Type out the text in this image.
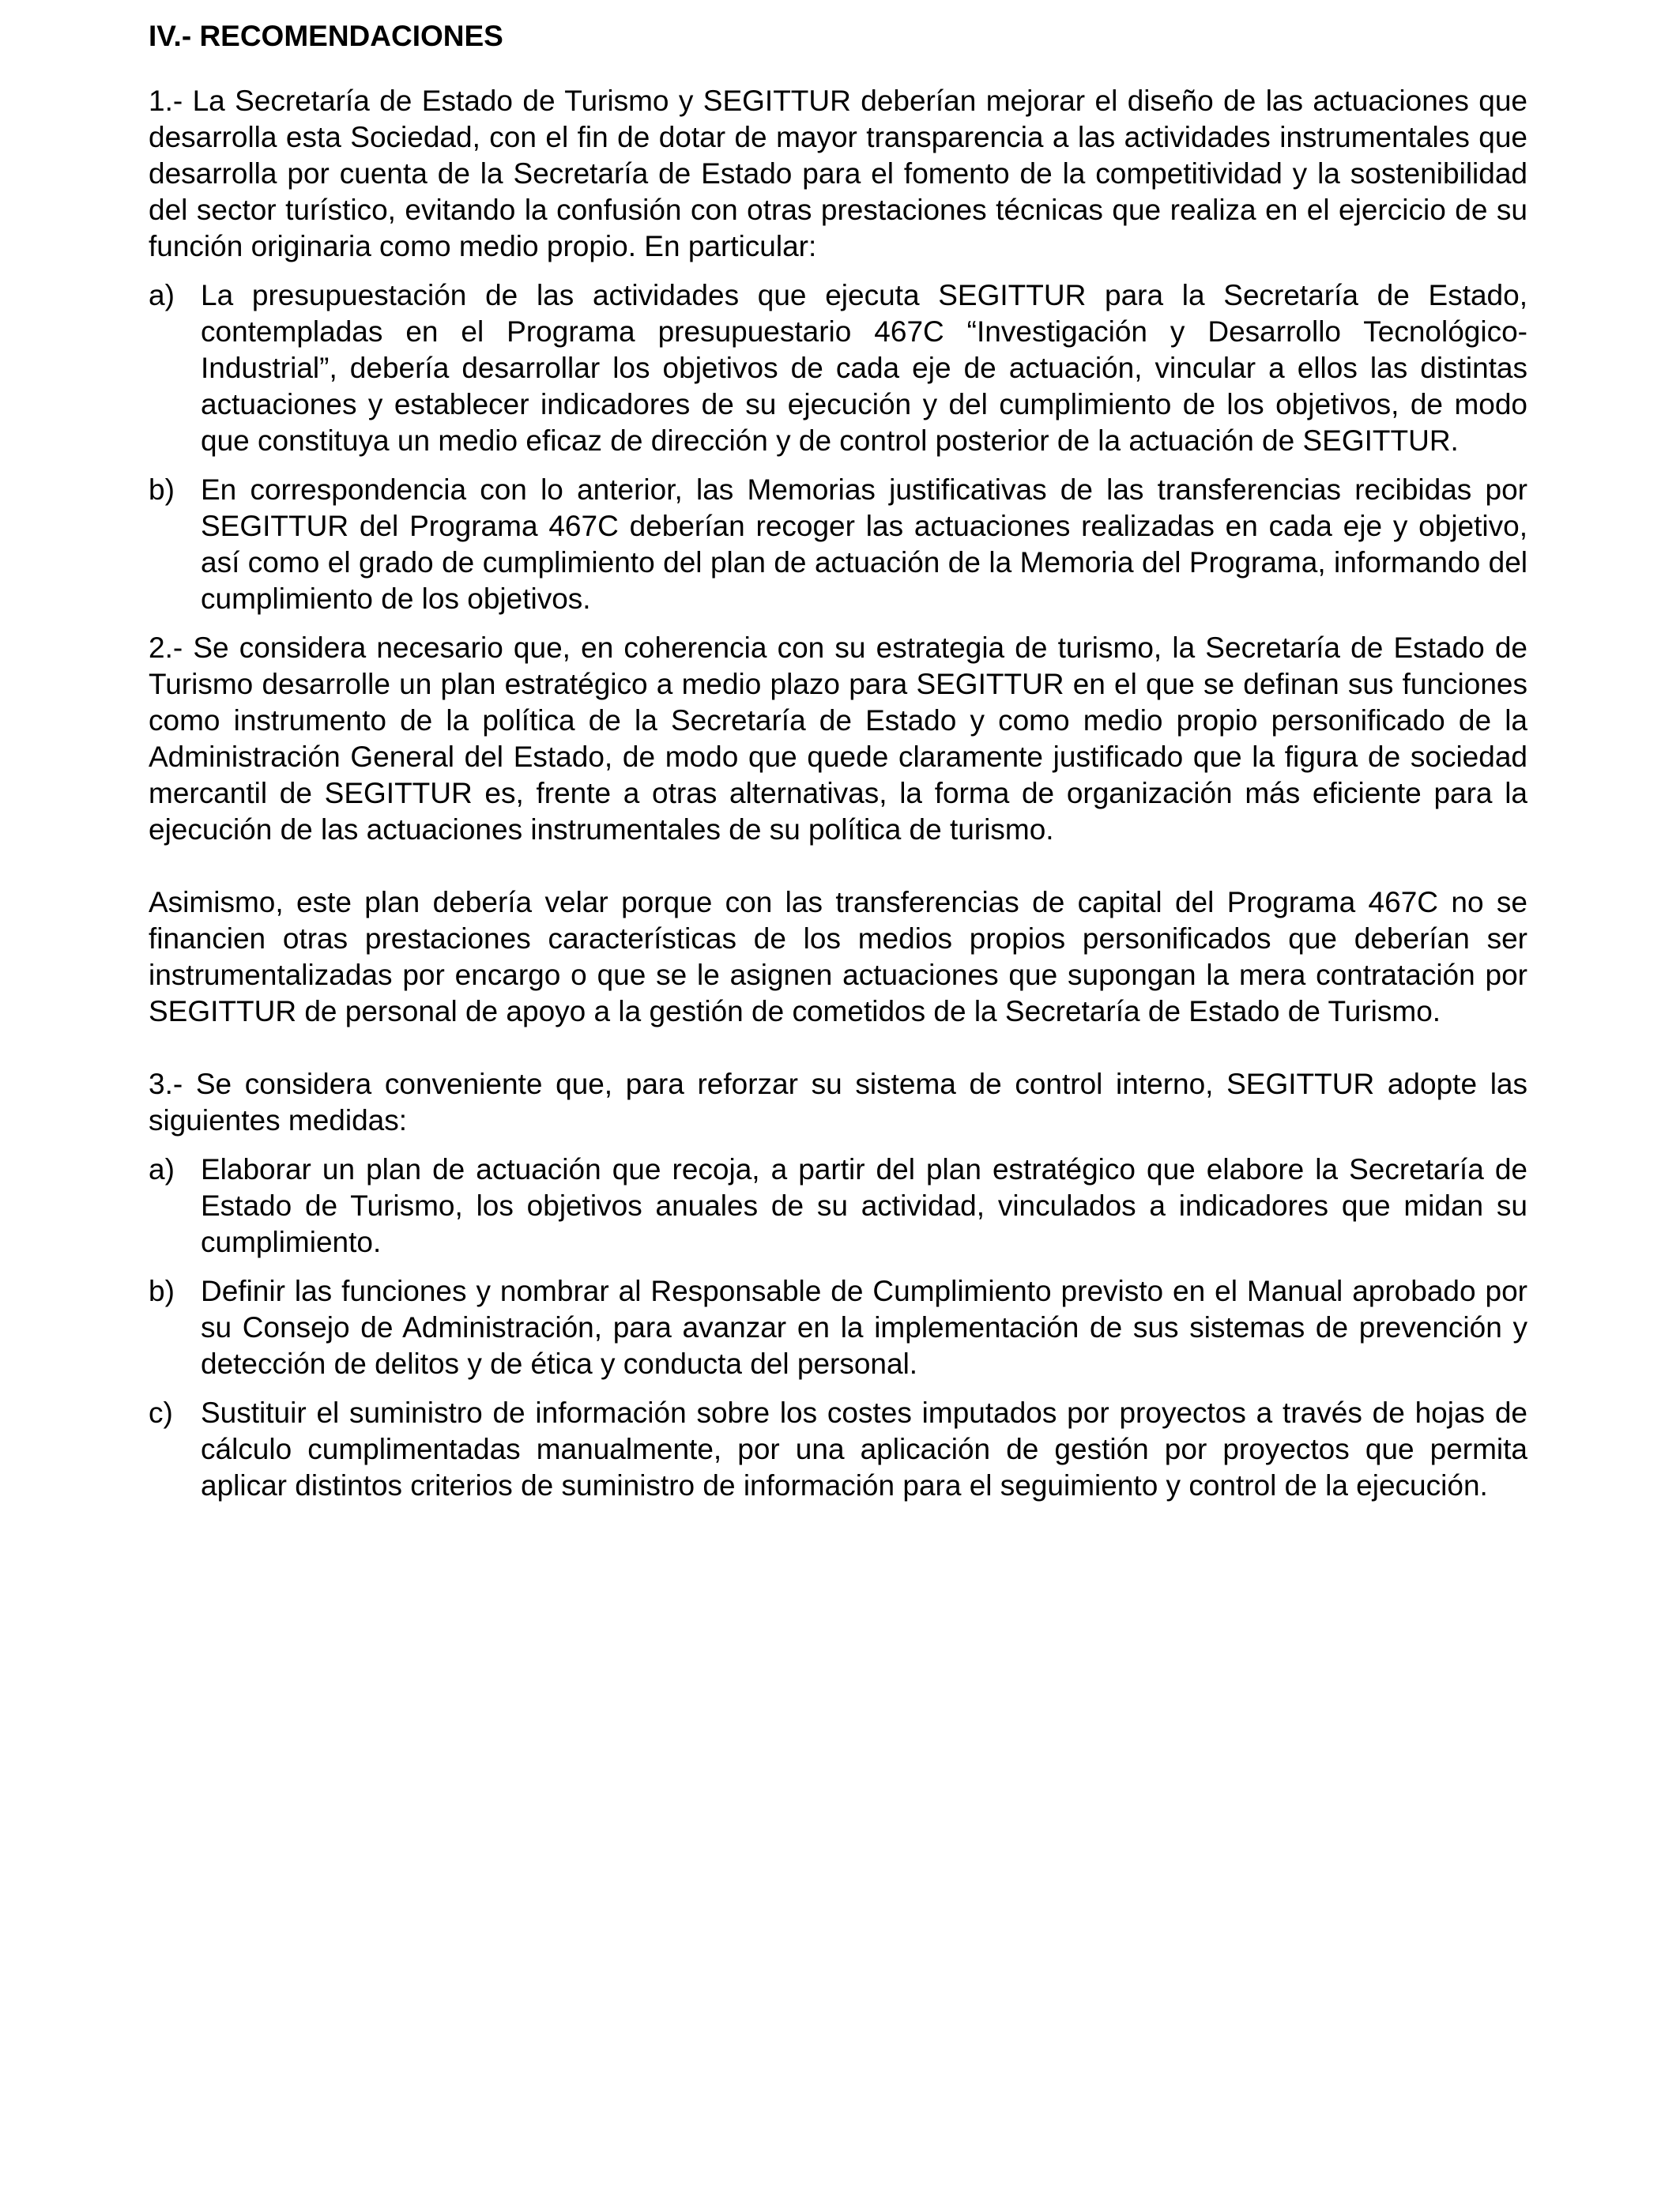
IV.- RECOMENDACIONES

1.- La Secretaría de Estado de Turismo y SEGITTUR deberían mejorar el diseño de las actuaciones que desarrolla esta Sociedad, con el fin de dotar de mayor transparencia a las actividades instrumentales que desarrolla por cuenta de la Secretaría de Estado para el fomento de la competitividad y la sostenibilidad del sector turístico, evitando la confusión con otras prestaciones técnicas que realiza en el ejercicio de su función originaria como medio propio. En particular:

a) La presupuestación de las actividades que ejecuta SEGITTUR para la Secretaría de Estado, contempladas en el Programa presupuestario 467C “Investigación y Desarrollo Tecnológico-Industrial”, debería desarrollar los objetivos de cada eje de actuación, vincular a ellos las distintas actuaciones y establecer indicadores de su ejecución y del cumplimiento de los objetivos, de modo que constituya un medio eficaz de dirección y de control posterior de la actuación de SEGITTUR.
b) En correspondencia con lo anterior, las Memorias justificativas de las transferencias recibidas por SEGITTUR del Programa 467C deberían recoger las actuaciones realizadas en cada eje y objetivo, así como el grado de cumplimiento del plan de actuación de la Memoria del Programa, informando del cumplimiento de los objetivos.

2.- Se considera necesario que, en coherencia con su estrategia de turismo, la Secretaría de Estado de Turismo desarrolle un plan estratégico a medio plazo para SEGITTUR en el que se definan sus funciones como instrumento de la política de la Secretaría de Estado y como medio propio personificado de la Administración General del Estado, de modo que quede claramente justificado que la figura de sociedad mercantil de SEGITTUR es, frente a otras alternativas, la forma de organización más eficiente para la ejecución de las actuaciones instrumentales de su política de turismo.

Asimismo, este plan debería velar porque con las transferencias de capital del Programa 467C no se financien otras prestaciones características de los medios propios personificados que deberían ser instrumentalizadas por encargo o que se le asignen actuaciones que supongan la mera contratación por SEGITTUR de personal de apoyo a la gestión de cometidos de la Secretaría de Estado de Turismo.

3.- Se considera conveniente que, para reforzar su sistema de control interno, SEGITTUR adopte las siguientes medidas:

a) Elaborar un plan de actuación que recoja, a partir del plan estratégico que elabore la Secretaría de Estado de Turismo, los objetivos anuales de su actividad, vinculados a indicadores que midan su cumplimiento.
b) Definir las funciones y nombrar al Responsable de Cumplimiento previsto en el Manual aprobado por su Consejo de Administración, para avanzar en la implementación de sus sistemas de prevención y detección de delitos y de ética y conducta del personal.
c) Sustituir el suministro de información sobre los costes imputados por proyectos a través de hojas de cálculo cumplimentadas manualmente, por una aplicación de gestión por proyectos que permita aplicar distintos criterios de suministro de información para el seguimiento y control de la ejecución.
